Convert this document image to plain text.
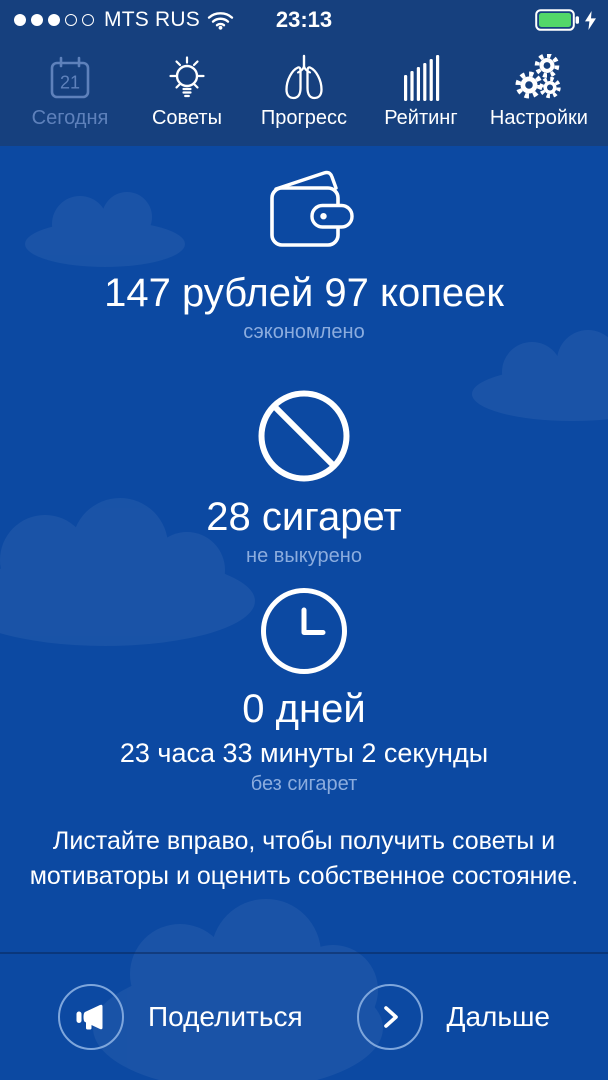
MTS RUS	23:13
21
Сегодня Советы Прогресс Рейтинг Настройки
147 рублей 97 копеек
сэкономлено
28 сигарет
не выкурено
0 дней
23 часа 33 минуты 2 секунды
без сигарет

Листайте вправо, чтобы получить советы и мотиваторы и оценить собственное состояние.

Поделиться	Дальше
